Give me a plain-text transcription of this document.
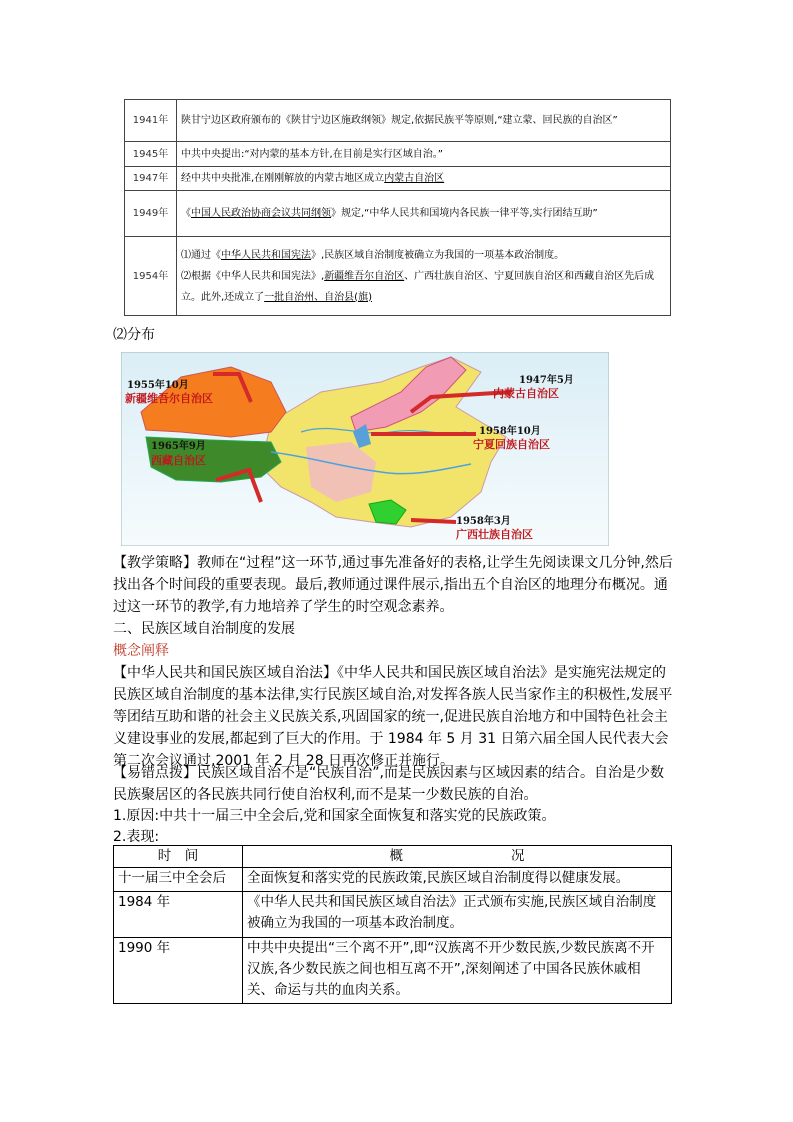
1941年	陕甘宁边区政府颁布的《陕甘宁边区施政纲领》规定,依据民族平等原则,“建立蒙、回民族的自治区”
1945年	中共中央提出:“对内蒙的基本方针,在目前是实行区域自治。”
1947年	经中共中央批准,在刚刚解放的内蒙古地区成立内蒙古自治区
1949年	《中国人民政治协商会议共同纲领》规定,“中华人民共和国境内各民族一律平等,实行团结互助”
1954年	⑴通过《中华人民共和国宪法》,民族区域自治制度被确立为我国的一项基本政治制度。
⑵根据《中华人民共和国宪法》,新疆维吾尔自治区、广西壮族自治区、宁夏回族自治区和西藏自治区先后成立。此外,还成立了一批自治州、自治县(旗)
⑵分布
1955年10月
新疆维吾尔自治区
1947年5月
内蒙古自治区
1958年10月
宁夏回族自治区
1965年9月
西藏自治区
1958年3月
广西壮族自治区
【教学策略】教师在“过程”这一环节,通过事先准备好的表格,让学生先阅读课文几分钟,然后找出各个时间段的重要表现。最后,教师通过课件展示,指出五个自治区的地理分布概况。通过这一环节的教学,有力地培养了学生的时空观念素养。
二、民族区域自治制度的发展
概念阐释
【中华人民共和国民族区域自治法】《中华人民共和国民族区域自治法》是实施宪法规定的民族区域自治制度的基本法律,实行民族区域自治,对发挥各族人民当家作主的积极性,发展平等团结互助和谐的社会主义民族关系,巩固国家的统一,促进民族自治地方和中国特色社会主义建设事业的发展,都起到了巨大的作用。于 1984 年 5 月 31 日第六届全国人民代表大会第二次会议通过,2001 年 2 月 28 日再次修正并施行。
【易错点拨】民族区域自治不是“民族自治”,而是民族因素与区域因素的结合。自治是少数民族聚居区的各民族共同行使自治权利,而不是某一少数民族的自治。
1.原因:中共十一届三中全会后,党和国家全面恢复和落实党的民族政策。
2.表现:
时　间	概　　　　　　　　况
十一届三中全会后	全面恢复和落实党的民族政策,民族区域自治制度得以健康发展。
1984 年	《中华人民共和国民族区域自治法》正式颁布实施,民族区域自治制度被确立为我国的一项基本政治制度。
1990 年	中共中央提出“三个离不开”,即“汉族离不开少数民族,少数民族离不开汉族,各少数民族之间也相互离不开”,深刻阐述了中国各民族休戚相关、命运与共的血肉关系。
